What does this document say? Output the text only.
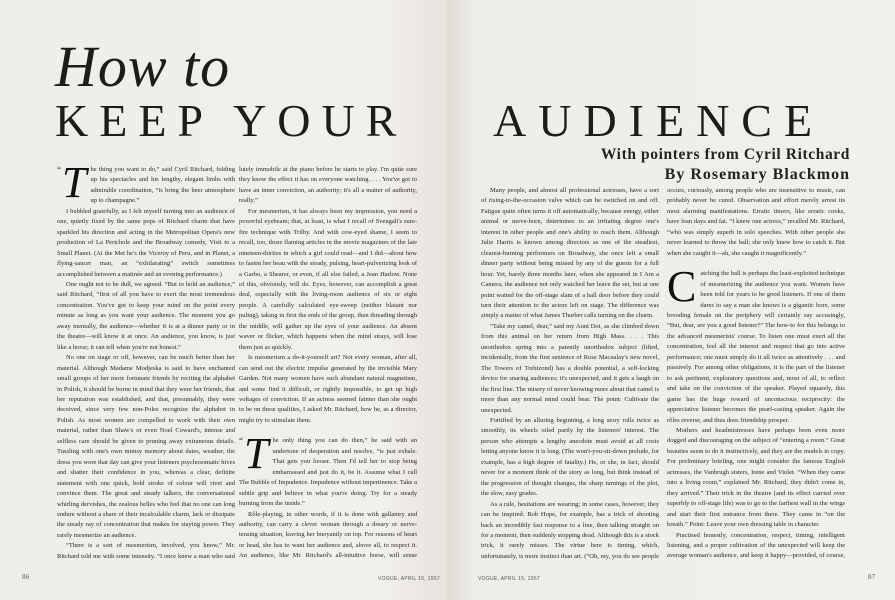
How to
KEEP YOUR AUDIENCE
With pointers from Cyril Ritchard
By Rosemary Blackmon

“ T he thing you want to do,” said Cyril Ritchard, folding up his spectacles and his lengthy, elegant limbs with admirable coordination, “is bring the beer atmosphere up to champagne.”

I bubbled gratefully, as I felt myself turning into an audience of one, quietly fixed by the same pops of Ritchard charm that have sparkled his direction and acting in the Metropolitan Opera's new production of La Perichole and the Broadway comedy, Visit to a Small Planet. (At the Met he's the Viceroy of Peru, and in Planet, a flying-saucer man, an “exhilarating” switch sometimes accomplished between a matinée and an evening performance.)

One ought not to be dull, we agreed. “But to hold an audience,” said Ritchard, “first of all you have to exert the most tremendous concentration. You've got to keep your mind on the point every minute as long as you want your audience. The moment you go away mentally, the audience—whether it is at a dinner party or in the theatre—will know it at once. An audience, you know, is just like a horse; it can tell when you're not honest.”

No one on stage or off, however, can be much better than her material. Although Madame Modjeska is said to have enchanted small groups of her more fortunate friends by reciting the alphabet in Polish, it should be borne in mind that they were her friends, that her reputation was established, and that, presumably, they were deceived, since very few non-Poles recognize the alphabet in Polish. As most women are compelled to work with their own material, rather than Shaw's or even Noel Coward's, intense and selfless care should be given to pruning away extraneous details. Tussling with one's own mimsy memory about dates, weather, the dress you wore that day can give your listeners psychosomatic hives and shatter their confidence in you, whereas a clear, definite statement with one quick, bold stroke of colour will rivet and convince them. The great and steady talkers, the conversational whirling dervishes, the zealous belles who feel that no one can long endure without a share of their incalculable charm, lack or dissipate the steady ray of concentration that makes for staying power. They rarely mesmerize an audience.

“There is a sort of mesmerism, involved, you know,” Mr. Ritchard told me with some intensity. “I once knew a man who said

lutely immobile at the piano before he starts to play. I'm quite sure they know the effect it has on everyone watching. . . . You've got to have an inner conviction, an authority; it's all a matter of authority, really.”

For mesmerism, it has always been my impression, you need a powerful eyebeam; that, at least, is what I recall of Svengali's sure-fire technique with Trilby. And with cow-eyed shame, I seem to recall, too, those flaming articles in the movie magazines of the late nineteen-thirties in which a girl could read—and I did—about how to fasten her beau with the steady, pulsing, heart-pulverizing look of a Garbo, a Shearer, or even, if all else failed, a Jean Harlow. None of this, obviously, will do. Eyes, however, can accomplish a great deal, especially with the living-room audience of six or eight people. A carefully calculated eye-sweep (neither blatant nor puling), taking in first the ends of the group, then threading through the middle, will gather up the eyes of your audience. An absent waver or flicker, which happens when the mind strays, will lose them just as quickly.

Is mesmerism a do-it-yourself art? Not every woman, after all, can send out the electric impulse generated by the invisible Mary Garden. Not many women have such abundant natural magnetism, and some find it difficult, or rightly impossible, to get up high voltages of conviction. If an actress seemed fainter than she ought to be on these qualities, I asked Mr. Ritchard, how he, as a director, might try to stimulate them.

“ T he only thing you can do then,” he said with an undertone of desperation and resolve, “is just exhale. That gets you looser. Then I'd tell her to stop being embarrassed and just do it, be it. Assume what I call The Bubble of Impudence. Impudence without impertinence. Take a subtle grip and believe in what you're doing. Try for a steady burning from the inside.”

Rôle-playing, in other words, if it is done with gallantry and authority, can carry a clever woman through a dreary or nerve-tensing situation, leaving her buoyantly on top. For reasons of heart or head, she has to want her audience and, above all, to respect it. An audience, like Mr. Ritchard's all-intuitive horse, will sense

Many people, and almost all professional actresses, have a sort of rising-to-the-occasion valve which can be switched on and off. Fatigue quite often turns it off automatically, because energy, either animal or nerve-born, determines to an irritating degree one's interest in other people and one's ability to reach them. Although Julie Harris is known among directors as one of the steadiest, clearest-burning performers on Broadway, she once left a small dinner party without being missed by any of the guests for a full hour. Yet, barely three months later, when she appeared in I Am a Camera, the audience not only watched her leave the set, but at one point waited for the off-stage slam of a hall door before they could turn their attention to the actors left on stage. The difference was simply a matter of what James Thurber calls turning on the charm.

“Take my camel, dear,” said my Aunt Dot, as she climbed down from this animal on her return from High Mass. . . . This unorthodox spring into a patently unorthodox subject (lifted, incidentally, from the first sentence of Rose Macaulay's new novel, The Towers of Trebizond) has a double potential, a self-locking device for snaring audiences; it's unexpected, and it gets a laugh on the first line. The misery of never knowing more about that camel is more than any normal mind could bear. The point: Cultivate the unexpected.

Fortified by an alluring beginning, a long story rolls twice as smoothly, its wheels oiled partly by the listeners' interest. The person who attempts a lengthy anecdote must avoid at all costs letting anyone know it is long. (The won't-you-sit-down prelude, for example, has a high degree of fatality.) He, or she, in fact, should never for a moment think of the story as long, but think instead of the progression of thought changes, the sharp turnings of the plot, the slow, easy grades.

As a rule, hesitations are wearing; in some cases, however, they can be inspired. Bob Hope, for example, has a trick of shooting back an incredibly fast response to a line, then talking straight on for a moment, then suddenly stopping dead. Although this is a stock trick, it rarely misses. The virtue here is timing, which, unfortunately, is more instinct than art. (“Oh, my, you do see people

occurs, curiously, among people who are insensitive to music, can probably never be cured. Observation and effort merely arrest its most alarming manifestations. Erratic timers, like erratic cooks, have lean days and fat. “I knew one actress,” recalled Mr. Ritchard, “who was simply superb in solo speeches. With other people she never learned to throw the ball; she only knew how to catch it. But when she caught it—ah, she caught it magnificently.”

Catching the ball is perhaps the least-exploited technique of mesmerizing the audience you want. Women have been told for years to be good listeners. If one of them dares to say a man she knows is a gigantic bore, some brooding female on the periphery will certainly say accusingly, “But, dear, are you a good listener?” The how-to for this belongs to the advanced mesmerists' course. To listen one must exert all the concentration, feel all the interest and respect that go into active performance; one must simply do it all twice as attentively . . . and passively. For among other obligations, it is the part of the listener to ask pertinent, exploratory questions and, most of all, to reflect and take on the conviction of the speaker. Played squarely, this game has the huge reward of unconscious reciprocity: the appreciative listener becomes the pearl-casting speaker. Again the rôles reverse, and thus does friendship prosper.

Mothers and headmistresses have perhaps been even more dogged and discouraging on the subject of “entering a room.” Great beauties seem to do it instinctively, and they are the models to copy. For preliminary briefing, one might consider the famous English actresses, the Vanbrugh sisters, Irene and Violet. “When they came into a living room,” explained Mr. Ritchard, they didn't come in, they arrived.” Their trick in the theatre (and its effect carried over superbly to off-stage life) was to go to the farthest wall in the wings and start their first entrance from there. They came in “on the breath.” Point: Leave your own dressing table in character.

Practised honestly, concentration, respect, timing, intelligent listening, and a proper cultivation of the unexpected will keep the average woman's audience, and keep it happy—provided, of course,

86	VOGUE, APRIL 15, 1957	VOGUE, APRIL 15, 1957	87
